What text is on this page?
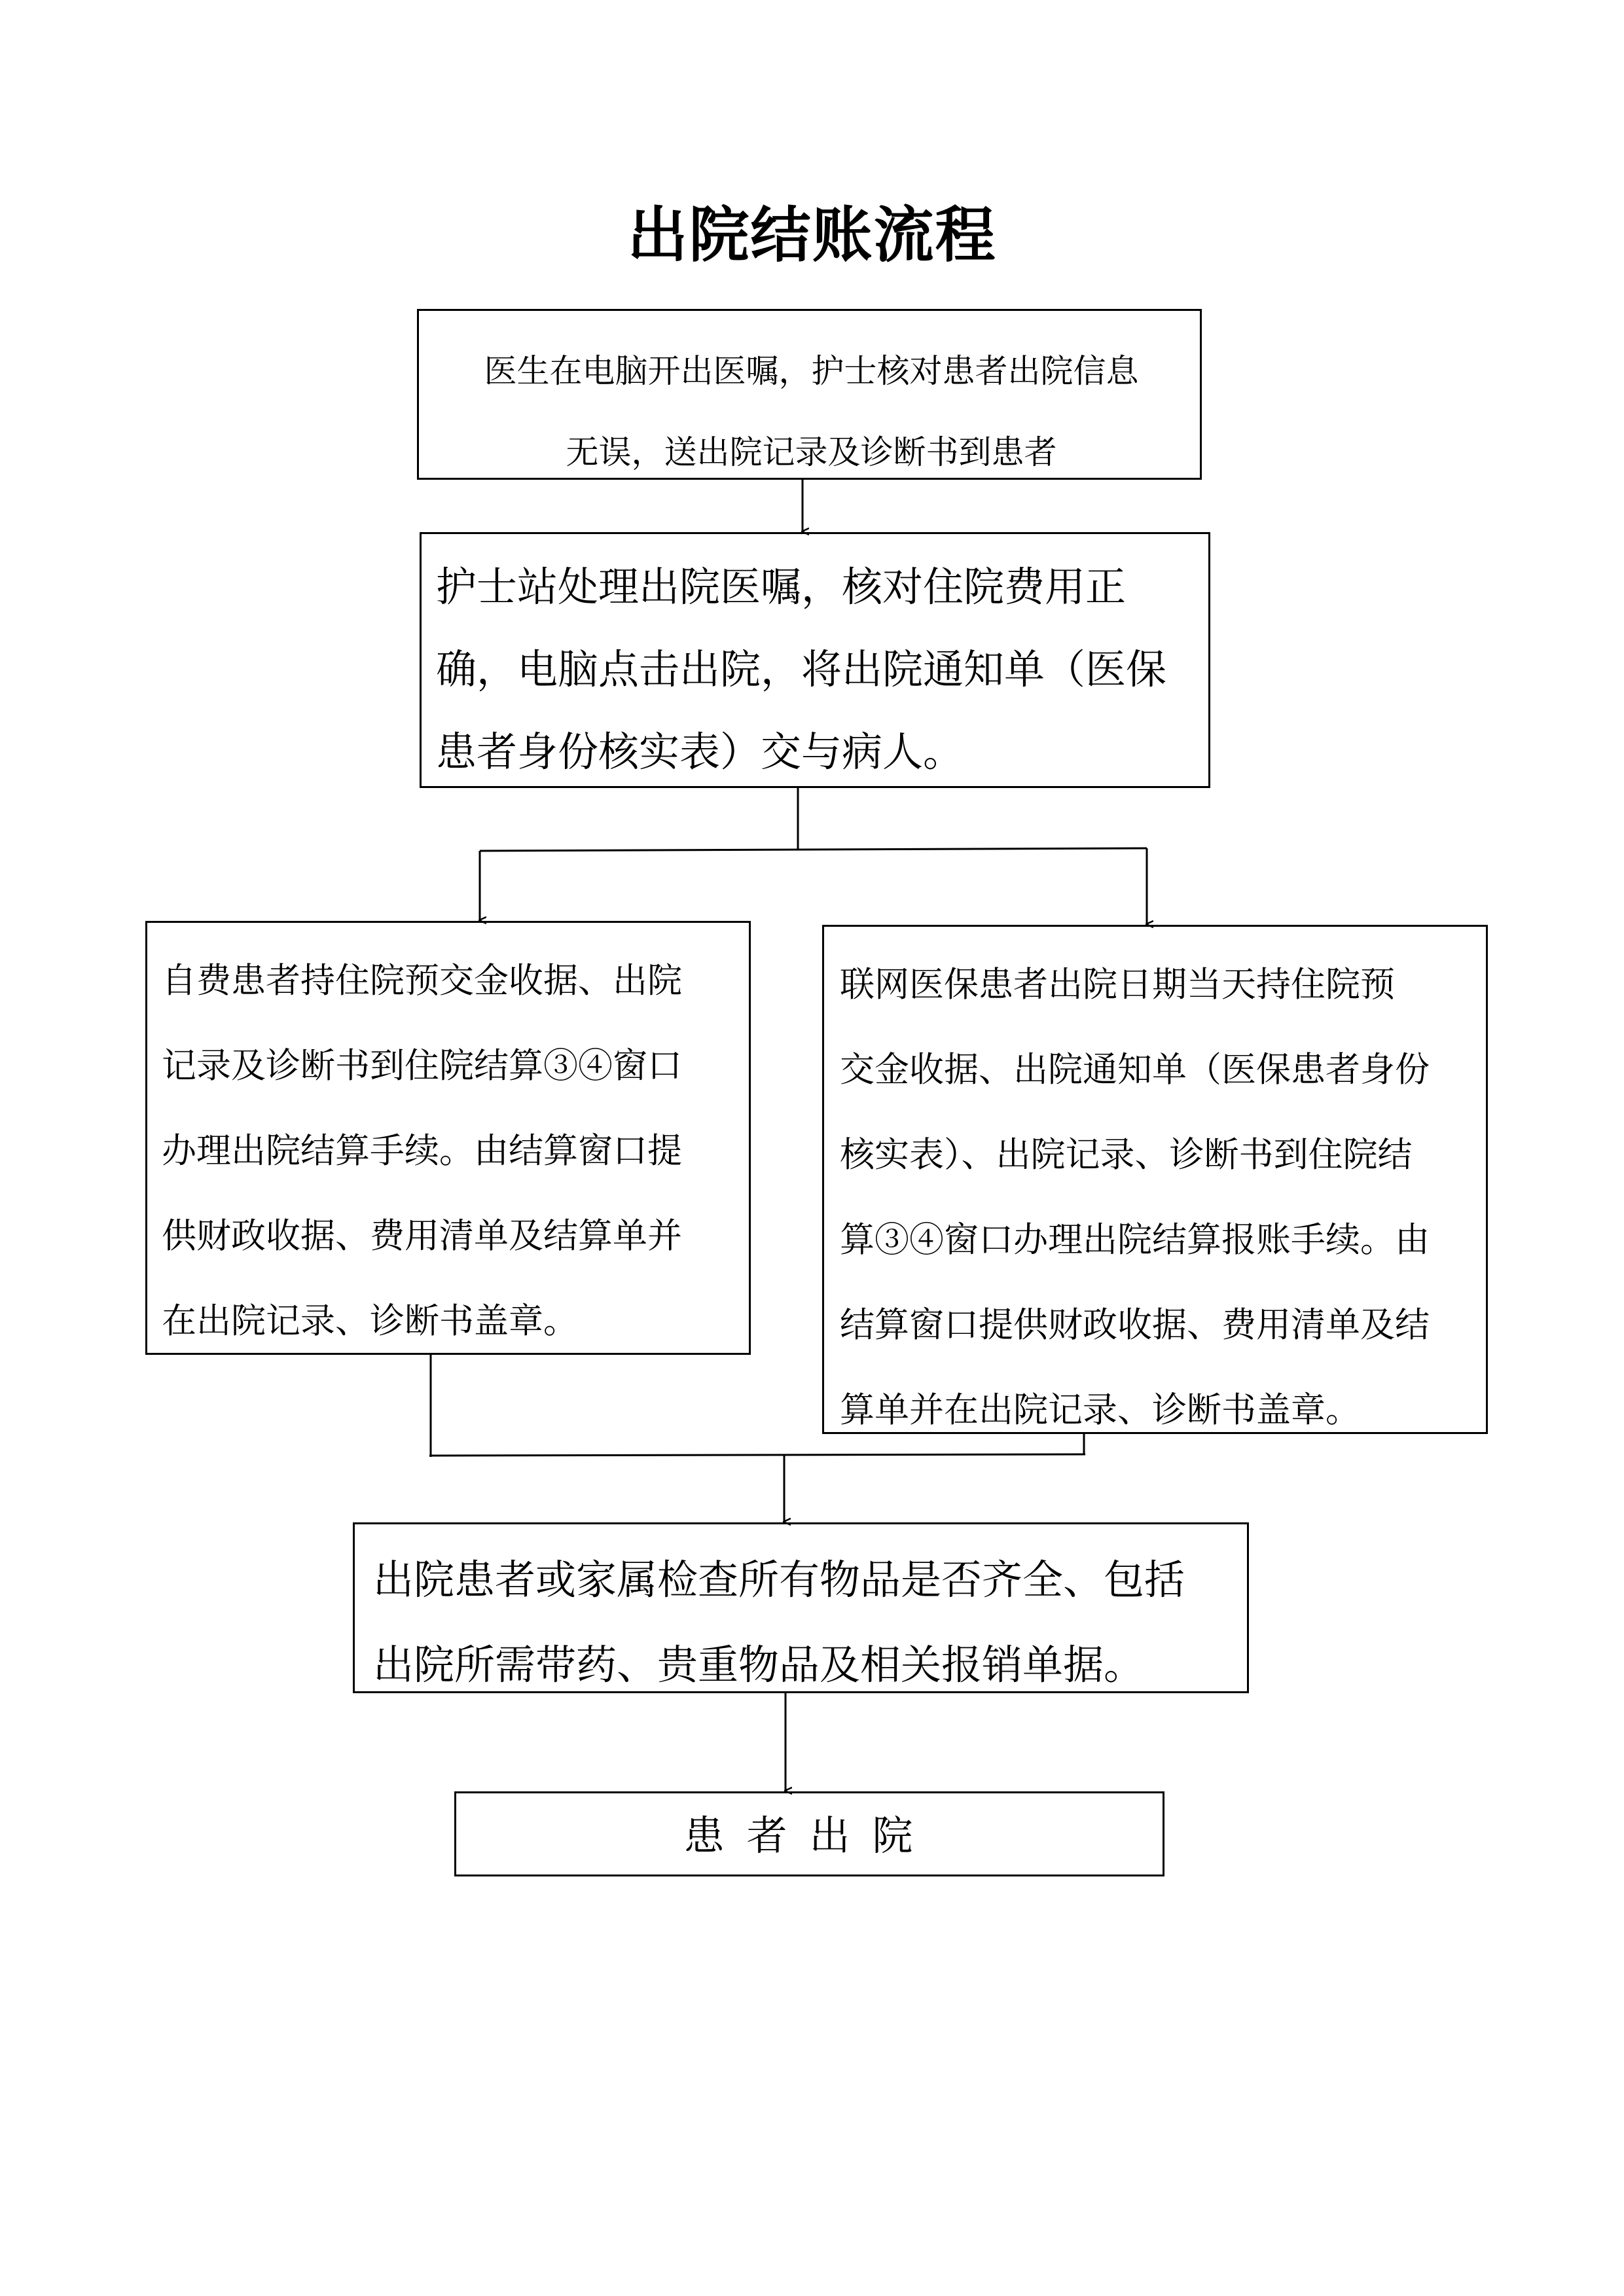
出院结账流程
医生在电脑开出医嘱，护士核对患者出院信息
无误，送出院记录及诊断书到患者
护士站处理出院医嘱，核对住院费用正
确，电脑点击出院，将出院通知单（医保
患者身份核实表）交与病人。
自费患者持住院预交金收据、出院
记录及诊断书到住院结算③④窗口
办理出院结算手续。由结算窗口提
供财政收据、费用清单及结算单并
在出院记录、诊断书盖章。
联网医保患者出院日期当天持住院预
交金收据、出院通知单（医保患者身份
核实表）、出院记录、诊断书到住院结
算③④窗口办理出院结算报账手续。由
结算窗口提供财政收据、费用清单及结
算单并在出院记录、诊断书盖章。
出院患者或家属检查所有物品是否齐全、包括
出院所需带药、贵重物品及相关报销单据。
患者出院
